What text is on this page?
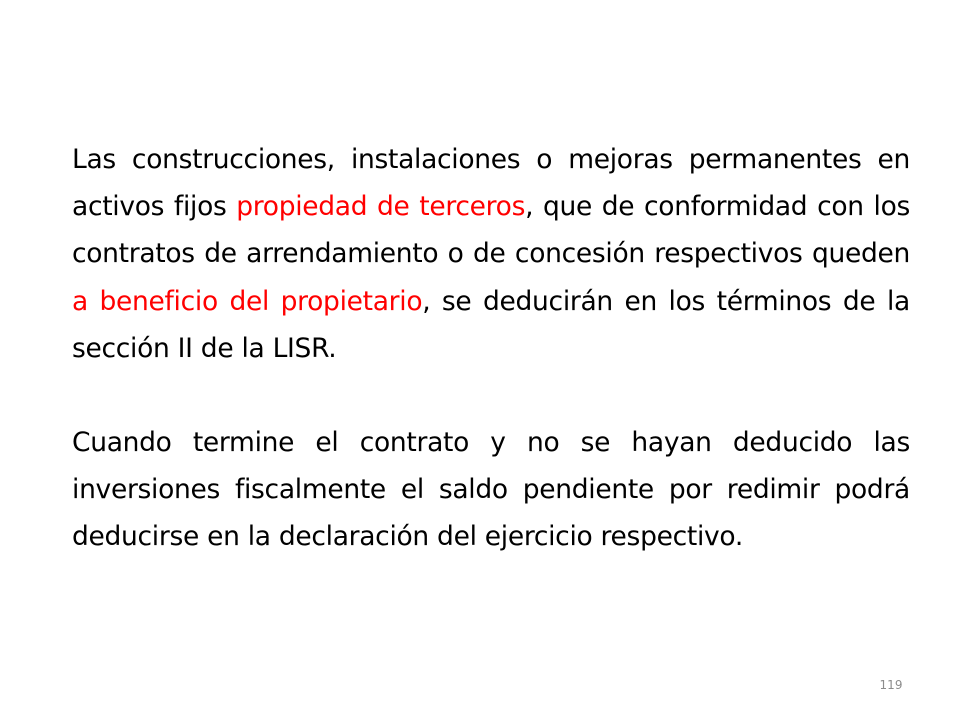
Las construcciones, instalaciones o mejoras permanentes en activos fijos propiedad de terceros, que de conformidad con los contratos de arrendamiento o de concesión respectivos queden a beneficio del propietario, se deducirán en los términos de la sección II de la LISR.

Cuando termine el contrato y no se hayan deducido las inversiones fiscalmente el saldo pendiente por redimir podrá deducirse en la declaración del ejercicio respectivo.

119
